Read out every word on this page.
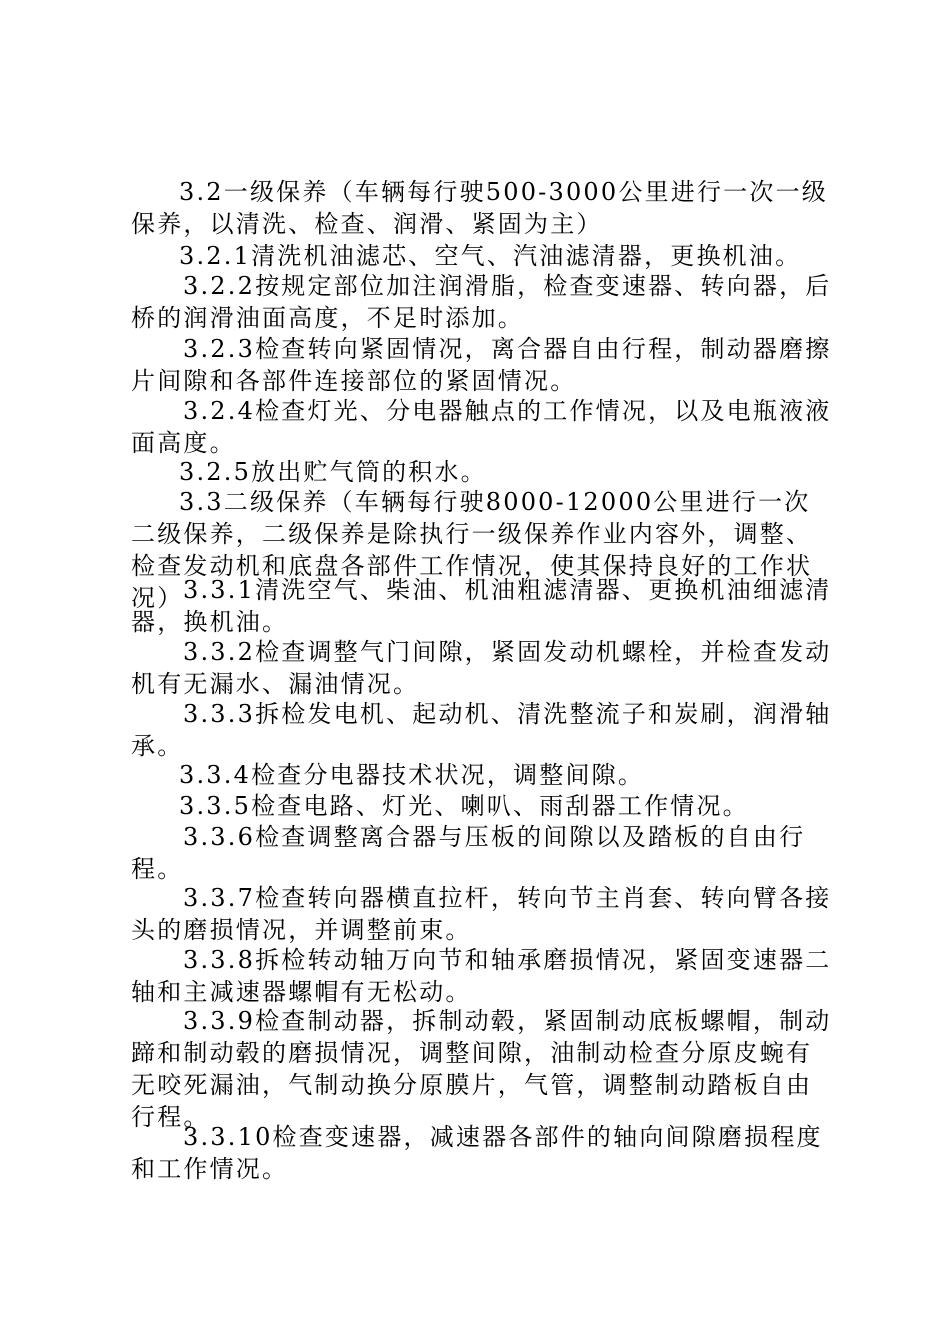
3.2一级保养（车辆每行驶500-3000公里进行一次一级保养，以清洗、检查、润滑、紧固为主）

3.2.1清洗机油滤芯、空气、汽油滤清器，更换机油。

3.2.2按规定部位加注润滑脂，检查变速器、转向器，后桥的润滑油面高度，不足时添加。

3.2.3检查转向紧固情况，离合器自由行程，制动器磨擦片间隙和各部件连接部位的紧固情况。

3.2.4检查灯光、分电器触点的工作情况，以及电瓶液液面高度。

3.2.5放出贮气筒的积水。

3.3二级保养（车辆每行驶8000-12000公里进行一次二级保养，二级保养是除执行一级保养作业内容外，调整、检查发动机和底盘各部件工作情况，使其保持良好的工作状况） 3.3.1清洗空气、柴油、机油粗滤清器、更换机油细滤清器，换机油。

3.3.2检查调整气门间隙，紧固发动机螺栓，并检查发动机有无漏水、漏油情况。

3.3.3拆检发电机、起动机、清洗整流子和炭刷，润滑轴承。

3.3.4检查分电器技术状况，调整间隙。

3.3.5检查电路、灯光、喇叭、雨刮器工作情况。

3.3.6检查调整离合器与压板的间隙以及踏板的自由行程。

3.3.7检查转向器横直拉杆，转向节主肖套、转向臂各接头的磨损情况，并调整前束。

3.3.8拆检转动轴万向节和轴承磨损情况，紧固变速器二轴和主减速器螺帽有无松动。

3.3.9检查制动器，拆制动毂，紧固制动底板螺帽，制动蹄和制动毂的磨损情况，调整间隙，油制动检查分原皮蜿有无咬死漏油，气制动换分原膜片，气管，调整制动踏板自由行程。

3.3.10检查变速器，减速器各部件的轴向间隙磨损程度和工作情况。
